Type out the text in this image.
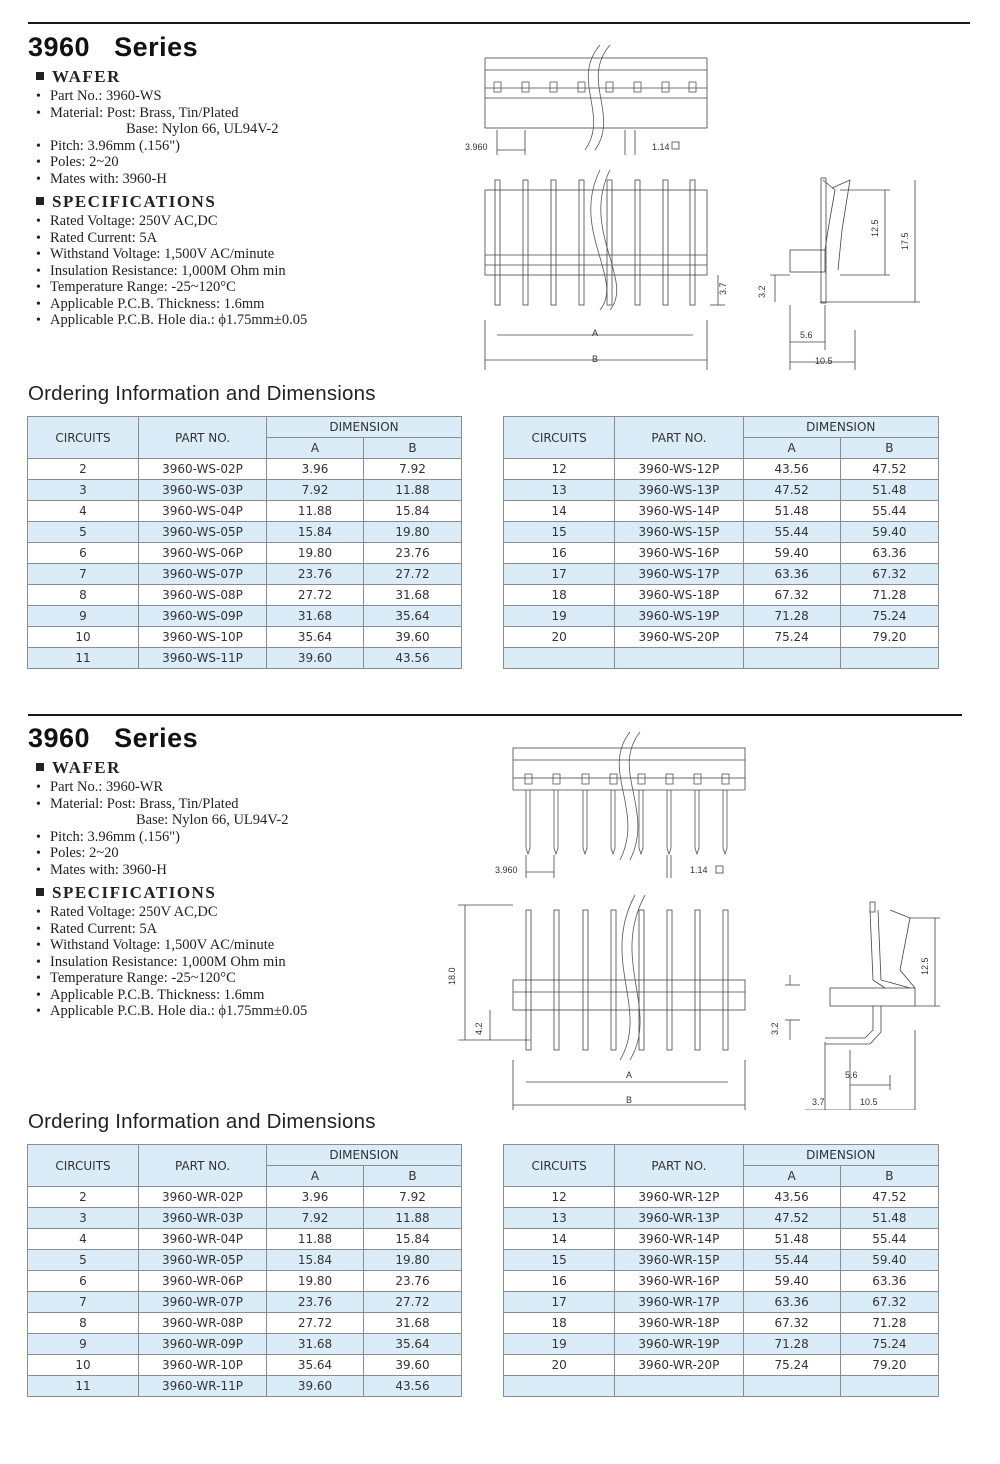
3960   Series
WAFER
• Part No.: 3960-WS
• Material: Post: Brass, Tin/Plated
Base: Nylon 66, UL94V-2
• Pitch: 3.96mm (.156")
• Poles: 2~20
• Mates with: 3960-H
SPECIFICATIONS
• Rated Voltage: 250V AC,DC
• Rated Current: 5A
• Withstand Voltage: 1,500V AC/minute
• Insulation Resistance: 1,000M Ohm min
• Temperature Range: -25~120°C
• Applicable P.C.B. Thickness: 1.6mm
• Applicable P.C.B. Hole dia.: ϕ1.75mm±0.05
3.960	1.14
A
B
12.5
17.5
3.7	3.2
5.6
10.5
Ordering Information and Dimensions
CIRCUITS	PART NO.	DIMENSION	
		A	B
2	3960-WS-02P	3.96	7.92
3	3960-WS-03P	7.92	11.88
4	3960-WS-04P	11.88	15.84
5	3960-WS-05P	15.84	19.80
6	3960-WS-06P	19.80	23.76
7	3960-WS-07P	23.76	27.72
8	3960-WS-08P	27.72	31.68
9	3960-WS-09P	31.68	35.64
10	3960-WS-10P	35.64	39.60
11	3960-WS-11P	39.60	43.56
CIRCUITS	PART NO.	DIMENSION	
		A	B
12	3960-WS-12P	43.56	47.52
13	3960-WS-13P	47.52	51.48
14	3960-WS-14P	51.48	55.44
15	3960-WS-15P	55.44	59.40
16	3960-WS-16P	59.40	63.36
17	3960-WS-17P	63.36	67.32
18	3960-WS-18P	67.32	71.28
19	3960-WS-19P	71.28	75.24
20	3960-WS-20P	75.24	79.20

3960   Series
WAFER
• Part No.: 3960-WR
• Material: Post: Brass, Tin/Plated
Base: Nylon 66, UL94V-2
• Pitch: 3.96mm (.156")
• Poles: 2~20
• Mates with: 3960-H
SPECIFICATIONS
• Rated Voltage: 250V AC,DC
• Rated Current: 5A
• Withstand Voltage: 1,500V AC/minute
• Insulation Resistance: 1,000M Ohm min
• Temperature Range: -25~120°C
• Applicable P.C.B. Thickness: 1.6mm
• Applicable P.C.B. Hole dia.: ϕ1.75mm±0.05
3.960	1.14
18.0
4.2
12.5
3.2
5.6
3.7	10.5
A
B
Ordering Information and Dimensions
CIRCUITS	PART NO.	DIMENSION	
		A	B
2	3960-WR-02P	3.96	7.92
3	3960-WR-03P	7.92	11.88
4	3960-WR-04P	11.88	15.84
5	3960-WR-05P	15.84	19.80
6	3960-WR-06P	19.80	23.76
7	3960-WR-07P	23.76	27.72
8	3960-WR-08P	27.72	31.68
9	3960-WR-09P	31.68	35.64
10	3960-WR-10P	35.64	39.60
11	3960-WR-11P	39.60	43.56
CIRCUITS	PART NO.	DIMENSION	
		A	B
12	3960-WR-12P	43.56	47.52
13	3960-WR-13P	47.52	51.48
14	3960-WR-14P	51.48	55.44
15	3960-WR-15P	55.44	59.40
16	3960-WR-16P	59.40	63.36
17	3960-WR-17P	63.36	67.32
18	3960-WR-18P	67.32	71.28
19	3960-WR-19P	71.28	75.24
20	3960-WR-20P	75.24	79.20
